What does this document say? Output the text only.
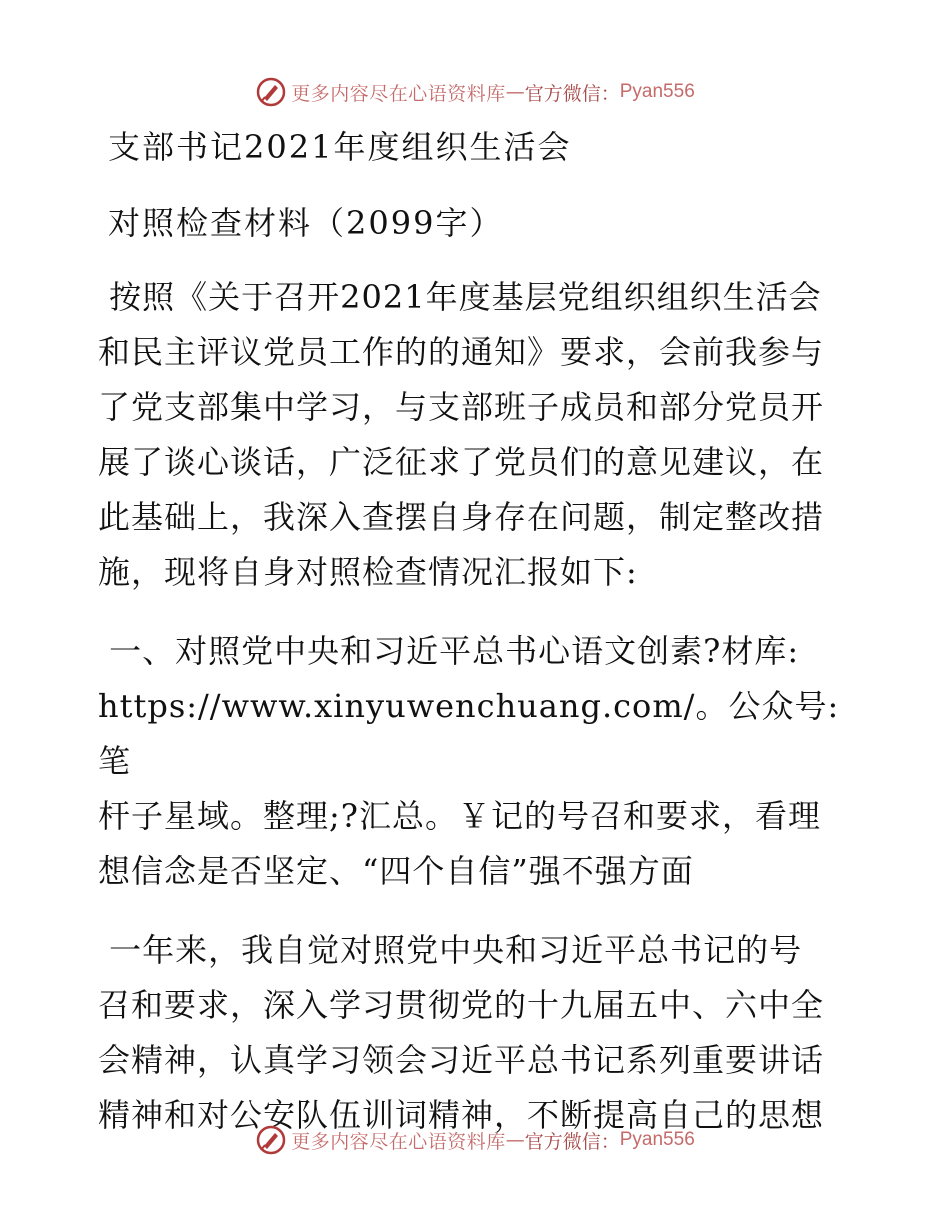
更多内容尽在心语资料库 — 官方微信： Pyan556
支部书记2021年度组织生活会
对照检查材料（2099字）

按照《关于召开2021年度基层党组织组织生活会
和民主评议党员工作的的通知》要求，会前我参与
了党支部集中学习，与支部班子成员和部分党员开
展了谈心谈话，广泛征求了党员们的意见建议，在
此基础上，我深入查摆自身存在问题，制定整改措
施，现将自身对照检查情况汇报如下:

一、对照党中央和习近平总书心语文创素?材库:
https://www.xinyuwenchuang.com/。公众号: 笔
杆子星域。整理;?汇总。￥记的号召和要求，看理
想信念是否坚定、“四个自信”强不强方面

一年来，我自觉对照党中央和习近平总书记的号
召和要求，深入学习贯彻党的十九届五中、六中全
会精神，认真学习领会习近平总书记系列重要讲话
精神和对公安队伍训词精神，不断提高自己的思想

更多内容尽在心语资料库 — 官方微信： Pyan556
